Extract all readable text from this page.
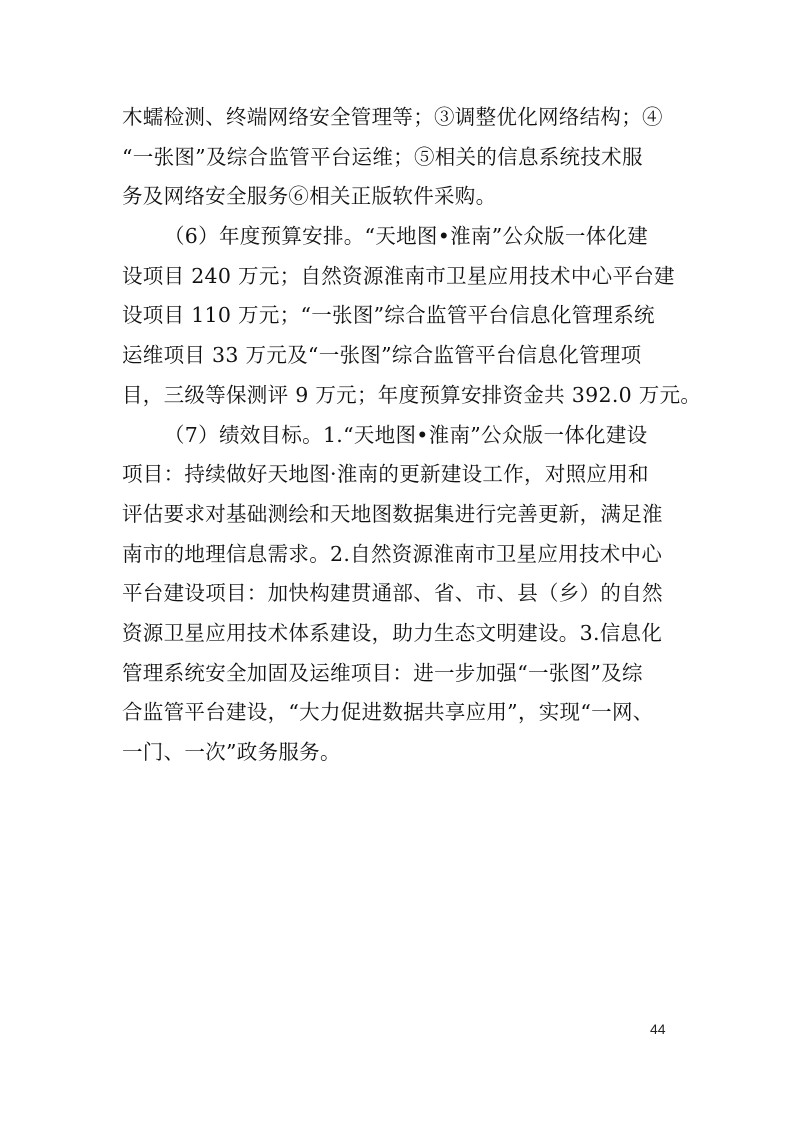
木蠕检测、终端网络安全管理等；③调整优化网络结构；④
“一张图”及综合监管平台运维；⑤相关的信息系统技术服
务及网络安全服务⑥相关正版软件采购。
（6）年度预算安排。“天地图•淮南”公众版一体化建
设项目 240 万元；自然资源淮南市卫星应用技术中心平台建
设项目 110 万元；“一张图”综合监管平台信息化管理系统
运维项目 33 万元及“一张图”综合监管平台信息化管理项
目，三级等保测评 9 万元；年度预算安排资金共 392.0 万元。
（7）绩效目标。1.“天地图•淮南”公众版一体化建设
项目：持续做好天地图·淮南的更新建设工作，对照应用和
评估要求对基础测绘和天地图数据集进行完善更新，满足淮
南市的地理信息需求。2.自然资源淮南市卫星应用技术中心
平台建设项目：加快构建贯通部、省、市、县（乡）的自然
资源卫星应用技术体系建设，助力生态文明建设。3.信息化
管理系统安全加固及运维项目：进一步加强“一张图”及综
合监管平台建设，“大力促进数据共享应用”，实现“一网、
一门、一次”政务服务。
44
